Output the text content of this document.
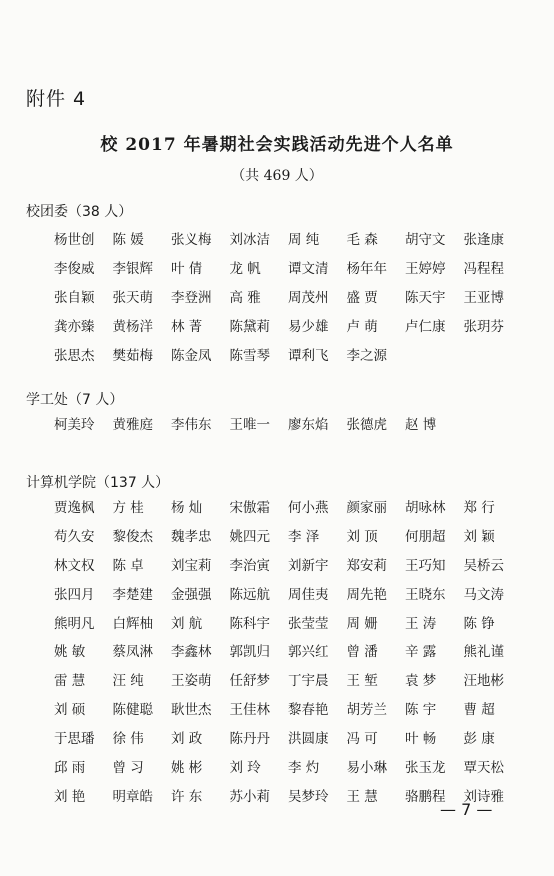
附件 4
校 2017 年暑期社会实践活动先进个人名单
（共 469 人）
校团委（38 人）
杨世创	陈 媛	张义梅	刘冰洁	周 纯	毛 森	胡守文	张逢康
李俊威	李银辉	叶 倩	龙 帆	谭文清	杨年年	王婷婷	冯程程
张自颖	张天萌	李登洲	高 雅	周茂州	盛 贾	陈天宇	王亚博
龚亦臻	黄杨洋	林 菁	陈黛莉	易少雄	卢 萌	卢仁康	张玥芬
张思杰	樊茹梅	陈金凤	陈雪琴	谭利飞	李之源
学工处（7 人）
柯美玲	黄雅庭	李伟东	王唯一	廖东焰	张德虎	赵 博
计算机学院（137 人）
贾逸枫	方 桂	杨 灿	宋傲霜	何小燕	颜家丽	胡咏林	郑 行
苟久安	黎俊杰	魏孝忠	姚四元	李 泽	刘 顶	何朋超	刘 颖
林文权	陈 卓	刘宝莉	李治寅	刘新宇	郑安莉	王巧知	吴桥云
张四月	李楚建	金强强	陈远航	周佳夷	周先艳	王晓东	马文涛
熊明凡	白辉柚	刘 航	陈科宇	张莹莹	周 姗	王 涛	陈 铮
姚 敏	蔡凤淋	李鑫林	郭凯归	郭兴红	曾 潘	辛 露	熊礼谨
雷 慧	汪 纯	王姿萌	任舒梦	丁宇晨	王 堑	袁 梦	汪地彬
刘 硕	陈健聪	耿世杰	王佳林	黎春艳	胡芳兰	陈 宇	曹 超
于思璠	徐 伟	刘 政	陈丹丹	洪圆康	冯 可	叶 畅	彭 康
邱 雨	曾 习	姚 彬	刘 玲	李 灼	易小琳	张玉龙	覃天松
刘 艳	明章皓	许 东	苏小莉	吴梦玲	王 慧	骆鹏程	刘诗雅
— 7 —
